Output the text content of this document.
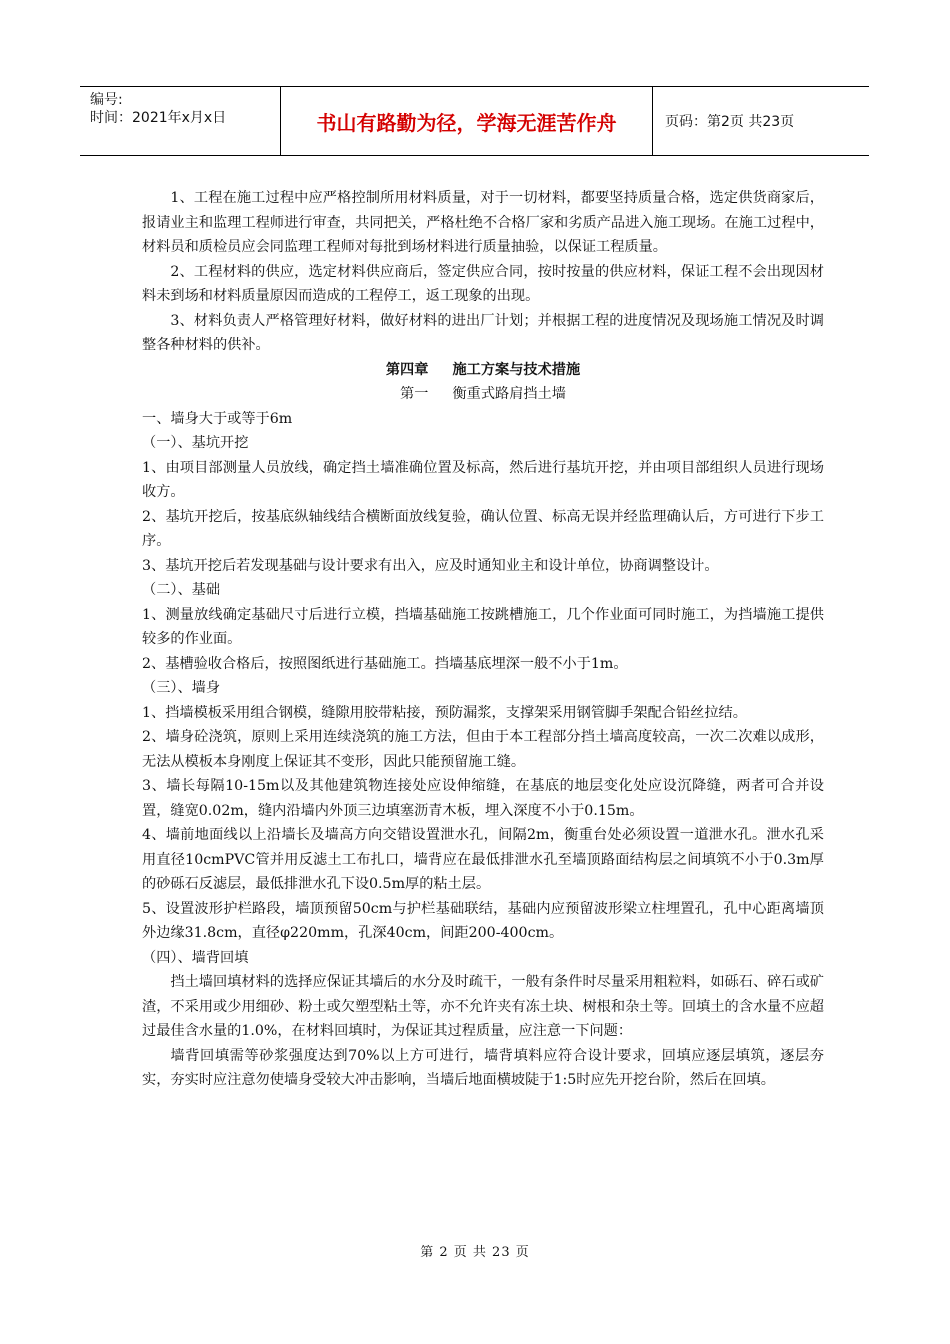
编号:
时间：2021年x月x日	书山有路勤为径，学海无涯苦作舟	页码：第2页 共23页

1、工程在施工过程中应严格控制所用材料质量，对于一切材料，都要坚持质量合格，选定供货商家后，报请业主和监理工程师进行审查，共同把关，严格杜绝不合格厂家和劣质产品进入施工现场。在施工过程中，材料员和质检员应会同监理工程师对每批到场材料进行质量抽验，以保证工程质量。

2、工程材料的供应，选定材料供应商后，签定供应合同，按时按量的供应材料，保证工程不会出现因材料未到场和材料质量原因而造成的工程停工，返工现象的出现。

3、材料负责人严格管理好材料，做好材料的进出厂计划；并根据工程的进度情况及现场施工情况及时调整各种材料的供补。

第四章 施工方案与技术措施

第一 衡重式路肩挡土墙

一、墙身大于或等于6m

（一）、基坑开挖

1、由项目部测量人员放线，确定挡土墙准确位置及标高，然后进行基坑开挖，并由项目部组织人员进行现场收方。

2、基坑开挖后，按基底纵轴线结合横断面放线复验，确认位置、标高无误并经监理确认后，方可进行下步工序。

3、基坑开挖后若发现基础与设计要求有出入，应及时通知业主和设计单位，协商调整设计。

（二）、基础

1、测量放线确定基础尺寸后进行立模，挡墙基础施工按跳槽施工，几个作业面可同时施工，为挡墙施工提供较多的作业面。

2、基槽验收合格后，按照图纸进行基础施工。挡墙基底埋深一般不小于1m。

（三）、墙身

1、挡墙模板采用组合钢模，缝隙用胶带粘接，预防漏浆，支撑架采用钢管脚手架配合铅丝拉结。

2、墙身砼浇筑，原则上采用连续浇筑的施工方法，但由于本工程部分挡土墙高度较高，一次二次难以成形，无法从模板本身刚度上保证其不变形，因此只能预留施工缝。

3、墙长每隔10-15m以及其他建筑物连接处应设伸缩缝，在基底的地层变化处应设沉降缝，两者可合并设置，缝宽0.02m，缝内沿墙内外顶三边填塞沥青木板，埋入深度不小于0.15m。

4、墙前地面线以上沿墙长及墙高方向交错设置泄水孔，间隔2m，衡重台处必须设置一道泄水孔。泄水孔采用直径10cmPVC管并用反滤土工布扎口，墙背应在最低排泄水孔至墙顶路面结构层之间填筑不小于0.3m厚的砂砾石反滤层，最低排泄水孔下设0.5m厚的粘土层。

5、设置波形护栏路段，墙顶预留50cm与护栏基础联结，基础内应预留波形梁立柱埋置孔，孔中心距离墙顶外边缘31.8cm，直径φ220mm，孔深40cm，间距200-400cm。

（四）、墙背回填

挡土墙回填材料的选择应保证其墙后的水分及时疏干，一般有条件时尽量采用粗粒料，如砾石、碎石或矿渣，不采用或少用细砂、粉土或欠塑型粘土等，亦不允许夹有冻土块、树根和杂土等。回填土的含水量不应超过最佳含水量的1.0%，在材料回填时，为保证其过程质量，应注意一下问题：

墙背回填需等砂浆强度达到70%以上方可进行，墙背填料应符合设计要求，回填应逐层填筑，逐层夯实，夯实时应注意勿使墙身受较大冲击影响，当墙后地面横坡陡于1:5时应先开挖台阶，然后在回填。

第 2 页 共 23 页
